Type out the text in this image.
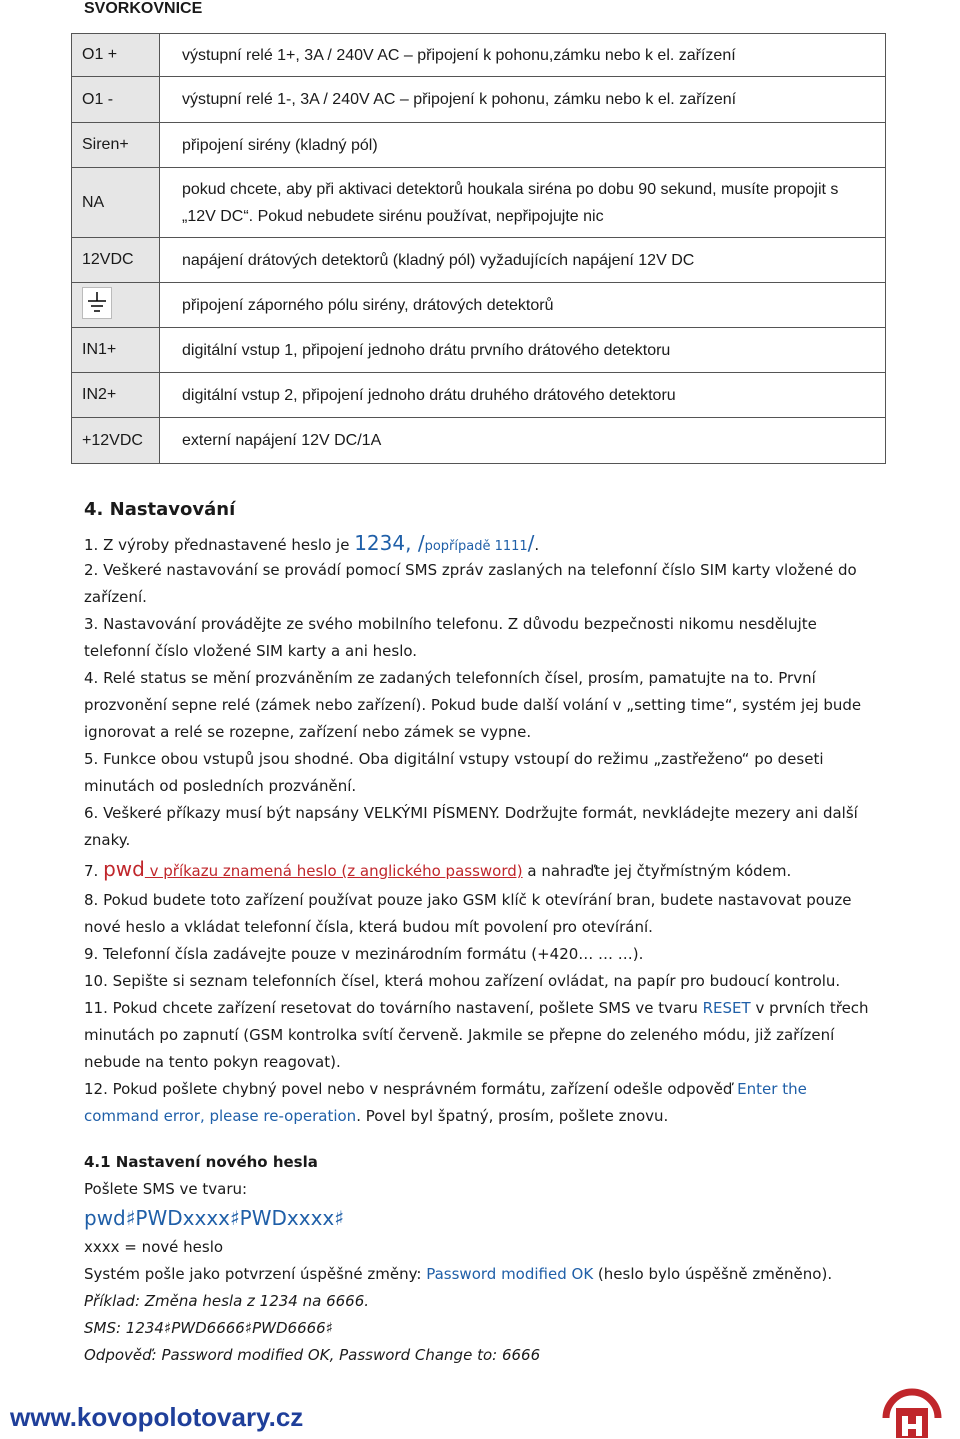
SVORKOVNICE
O1 +	výstupní relé 1+, 3A / 240V AC – připojení k pohonu,zámku nebo k el. zařízení
O1 -	výstupní relé 1-, 3A / 240V AC – připojení k pohonu, zámku nebo k el. zařízení
Siren+	připojení sirény (kladný pól)
NA	pokud chcete, aby při aktivaci detektorů houkala siréna po dobu 90 sekund, musíte propojit s „12V DC“. Pokud nebudete sirénu používat, nepřipojujte nic
12VDC	napájení drátových detektorů (kladný pól) vyžadujících napájení 12V DC
	připojení záporného pólu sirény, drátových detektorů
IN1+	digitální vstup 1, připojení jednoho drátu prvního drátového detektoru
IN2+	digitální vstup 2, připojení jednoho drátu druhého drátového detektoru
+12VDC	externí napájení 12V DC/1A
4. Nastavování
1. Z výroby přednastavené heslo je 1234, /popřípadě 1111/.
2. Veškeré nastavování se provádí pomocí SMS zpráv zaslaných na telefonní číslo SIM karty vložené do zařízení.
3. Nastavování provádějte ze svého mobilního telefonu. Z důvodu bezpečnosti nikomu nesdělujte telefonní číslo vložené SIM karty a ani heslo.
4. Relé status se mění prozváněním ze zadaných telefonních čísel, prosím, pamatujte na to. První prozvonění sepne relé (zámek nebo zařízení). Pokud bude další volání v „setting time“, systém jej bude ignorovat a relé se rozepne, zařízení nebo zámek se vypne.
5. Funkce obou vstupů jsou shodné. Oba digitální vstupy vstoupí do režimu „zastřeženo“ po deseti minutách od posledních prozvánění.
6. Veškeré příkazy musí být napsány VELKÝMI PÍSMENY. Dodržujte formát, nevkládejte mezery ani další znaky.
7. pwd v příkazu znamená heslo (z anglického password) a nahraďte jej čtyřmístným kódem.
8. Pokud budete toto zařízení používat pouze jako GSM klíč k otevírání bran, budete nastavovat pouze nové heslo a vkládat telefonní čísla, která budou mít povolení pro otevírání.
9. Telefonní čísla zadávejte pouze v mezinárodním formátu (+420… … …).
10. Sepište si seznam telefonních čísel, která mohou zařízení ovládat, na papír pro budoucí kontrolu.
11. Pokud chcete zařízení resetovat do továrního nastavení, pošlete SMS ve tvaru RESET v prvních třech minutách po zapnutí (GSM kontrolka svítí červeně. Jakmile se přepne do zeleného módu, již zařízení nebude na tento pokyn reagovat).
12. Pokud pošlete chybný povel nebo v nesprávném formátu, zařízení odešle odpověď Enter the command error, please re-operation. Povel byl špatný, prosím, pošlete znovu.
4.1 Nastavení nového hesla
Pošlete SMS ve tvaru:
pwd♯PWDxxxx♯PWDxxxx♯
xxxx = nové heslo
Systém pošle jako potvrzení úspěšné změny: Password modified OK (heslo bylo úspěšně změněno).
Příklad: Změna hesla z 1234 na 6666.
SMS: 1234♯PWD6666♯PWD6666♯
Odpověď: Password modified OK, Password Change to: 6666
www.kovopolotovary.cz
